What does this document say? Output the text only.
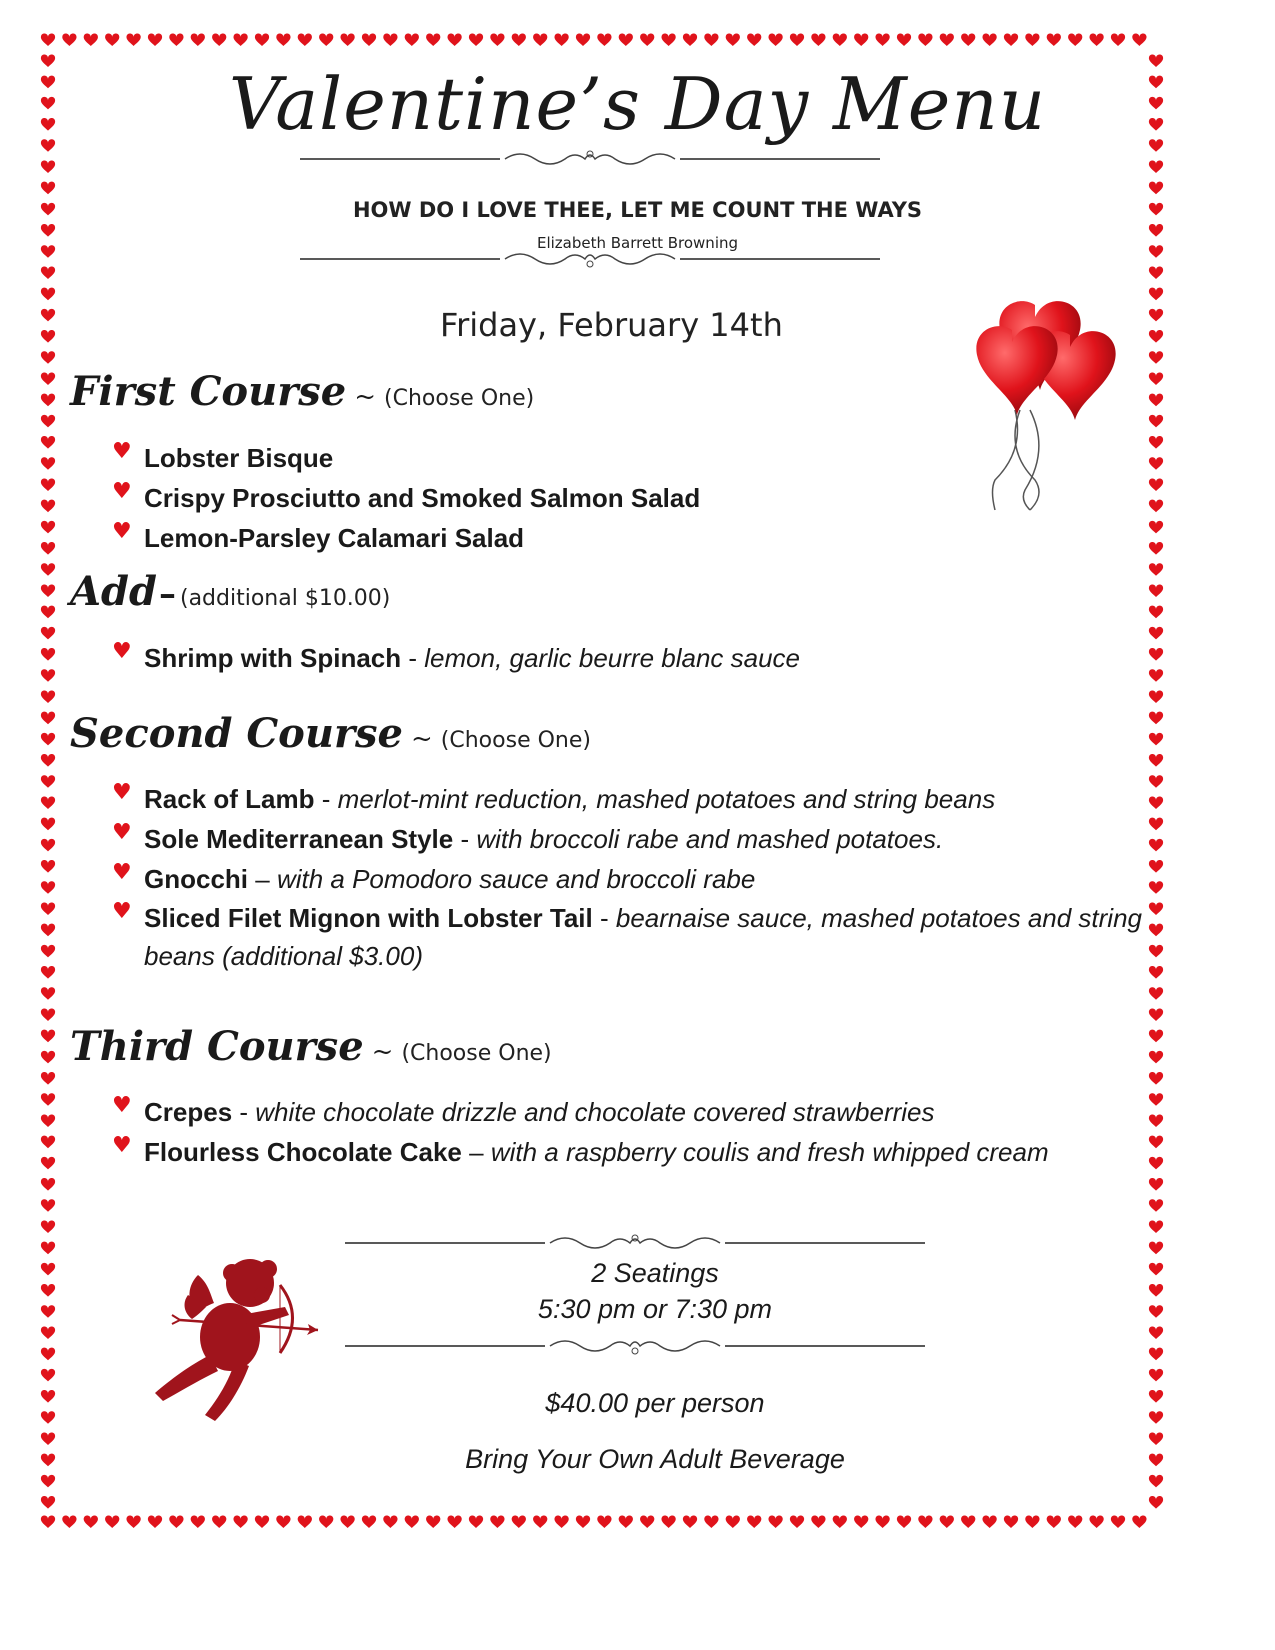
Valentine’s Day Menu
HOW DO I LOVE THEE, LET ME COUNT THE WAYS
Elizabeth Barrett Browning
Friday, February 14th
First Course ~ (Choose One)
♥ Lobster Bisque
♥ Crispy Prosciutto and Smoked Salmon Salad
♥ Lemon-Parsley Calamari Salad
Add– (additional $10.00)
♥ Shrimp with Spinach - lemon, garlic beurre blanc sauce
Second Course ~ (Choose One)
♥ Rack of Lamb - merlot-mint reduction, mashed potatoes and string beans
♥ Sole Mediterranean Style - with broccoli rabe and mashed potatoes.
♥ Gnocchi – with a Pomodoro sauce and broccoli rabe
♥ Sliced Filet Mignon with Lobster Tail - bearnaise sauce, mashed potatoes and string beans (additional $3.00)
Third Course ~ (Choose One)
♥ Crepes - white chocolate drizzle and chocolate covered strawberries
♥ Flourless Chocolate Cake – with a raspberry coulis and fresh whipped cream
2 Seatings
5:30 pm or 7:30 pm
$40.00 per person
Bring Your Own Adult Beverage
